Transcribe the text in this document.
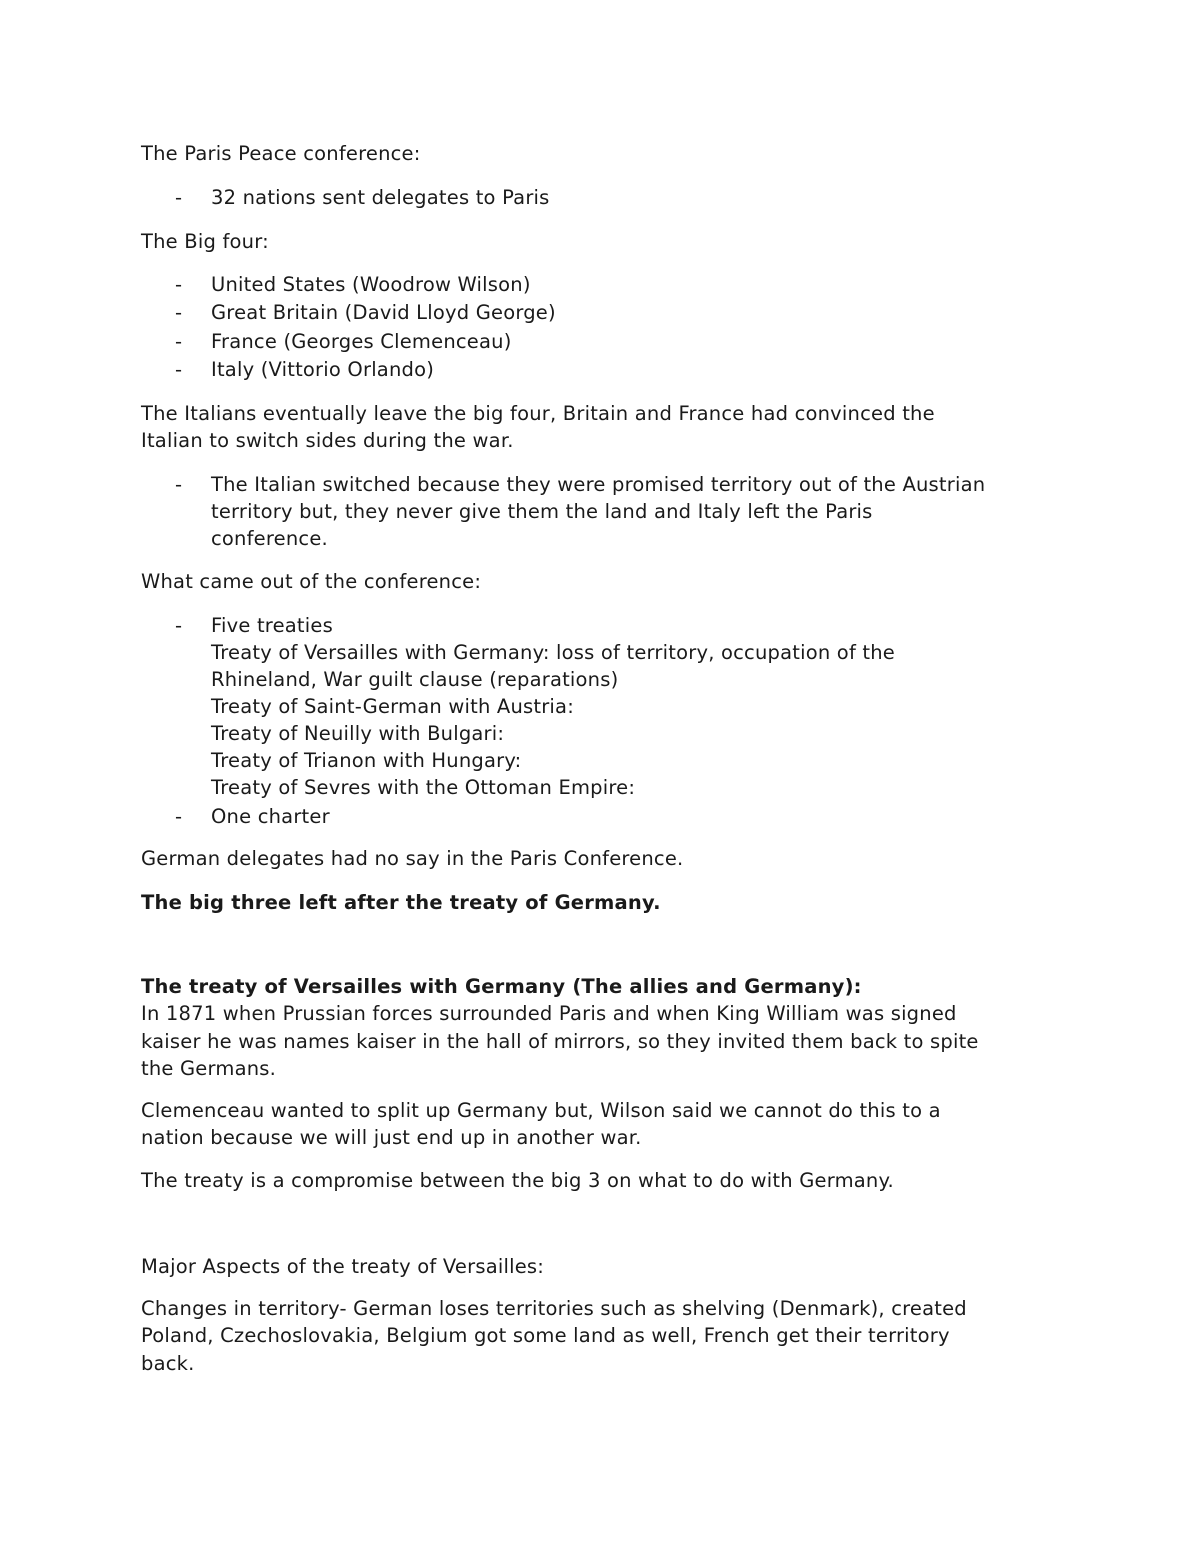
The Paris Peace conference:
- 32 nations sent delegates to Paris
The Big four:
- United States (Woodrow Wilson)
- Great Britain (David Lloyd George)
- France (Georges Clemenceau)
- Italy (Vittorio Orlando)
The Italians eventually leave the big four, Britain and France had convinced the
Italian to switch sides during the war.
- The Italian switched because they were promised territory out of the Austrian
territory but, they never give them the land and Italy left the Paris
conference.
What came out of the conference:
- Five treaties
Treaty of Versailles with Germany: loss of territory, occupation of the
Rhineland, War guilt clause (reparations)
Treaty of Saint-German with Austria:
Treaty of Neuilly with Bulgari:
Treaty of Trianon with Hungary:
Treaty of Sevres with the Ottoman Empire:
- One charter
German delegates had no say in the Paris Conference.
The big three left after the treaty of Germany.
The treaty of Versailles with Germany (The allies and Germany):
In 1871 when Prussian forces surrounded Paris and when King William was signed
kaiser he was names kaiser in the hall of mirrors, so they invited them back to spite
the Germans.
Clemenceau wanted to split up Germany but, Wilson said we cannot do this to a
nation because we will just end up in another war.
The treaty is a compromise between the big 3 on what to do with Germany.
Major Aspects of the treaty of Versailles:
Changes in territory- German loses territories such as shelving (Denmark), created
Poland, Czechoslovakia, Belgium got some land as well, French get their territory
back.
